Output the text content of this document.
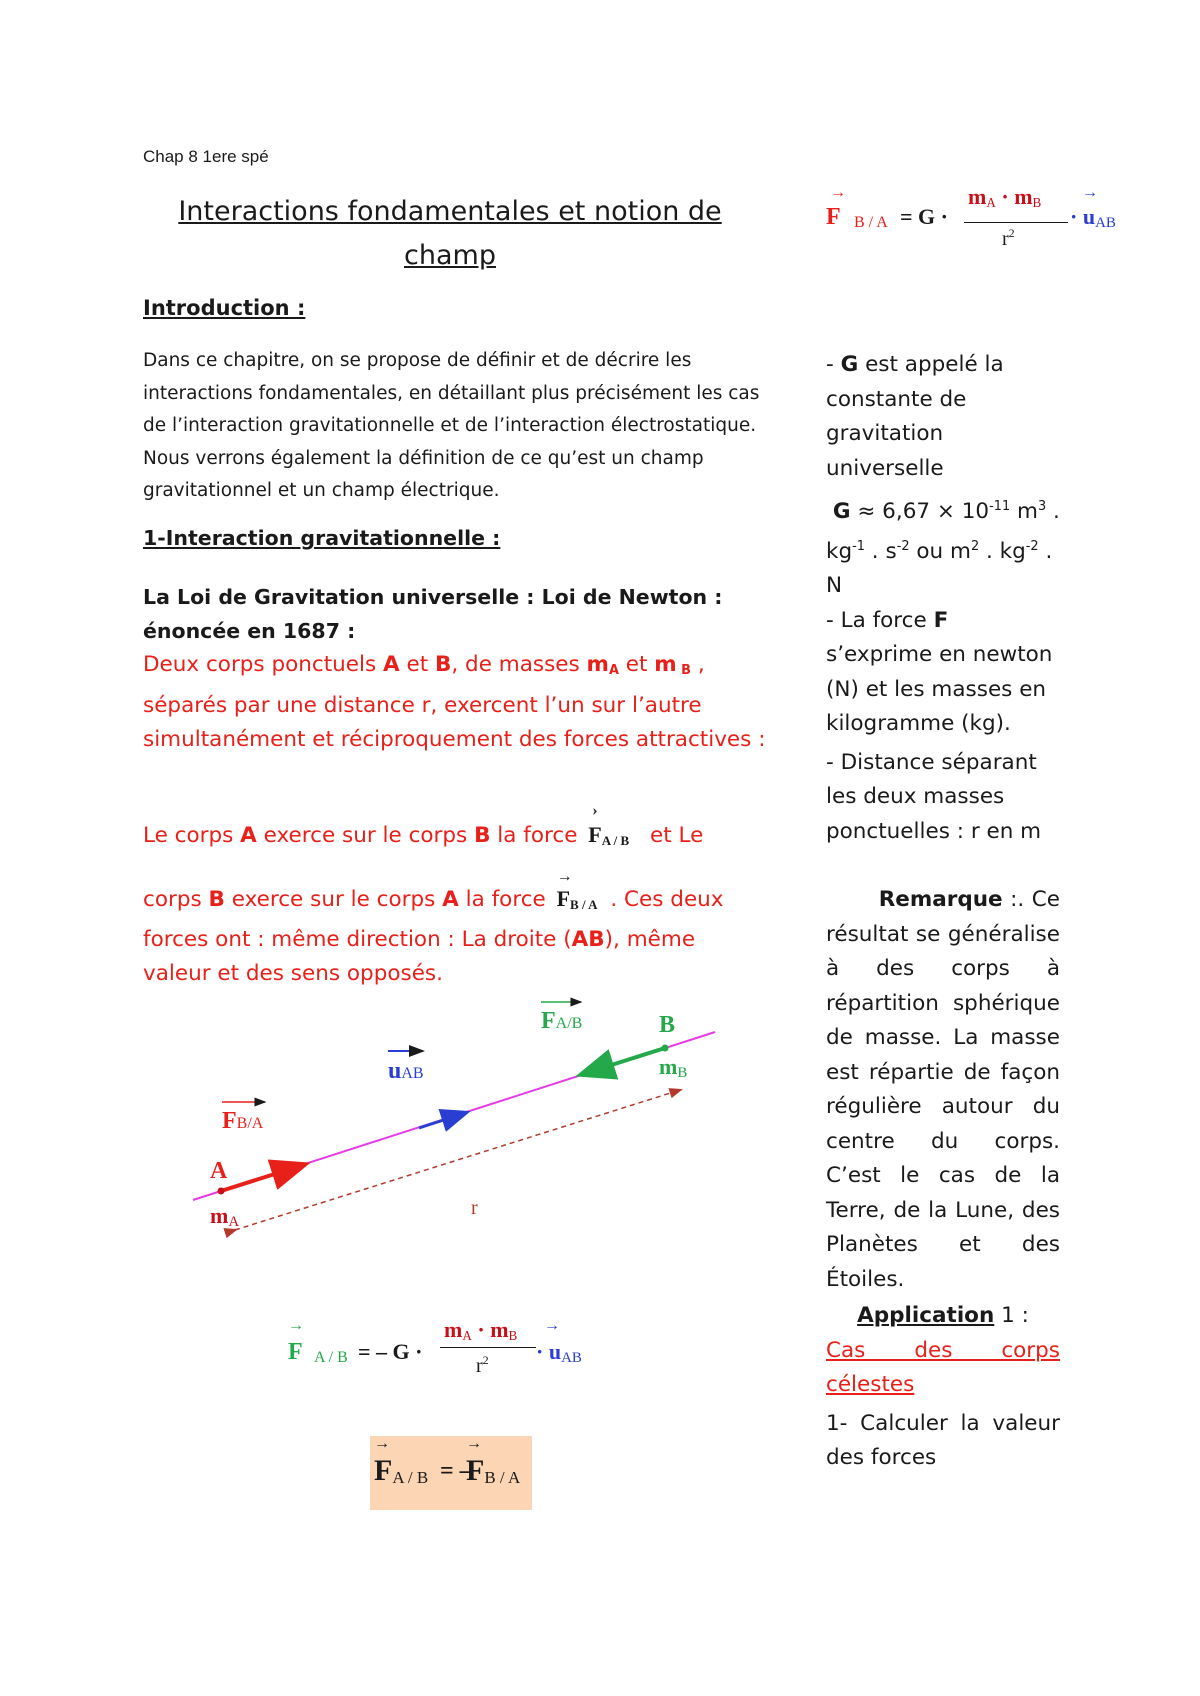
Chap 8 1ere spé
Interactions fondamentales et notion de champ
Introduction :
Dans ce chapitre, on se propose de définir et de décrire les interactions fondamentales, en détaillant plus précisément les cas de l’interaction gravitationnelle et de l’interaction électrostatique. Nous verrons également la définition de ce qu’est un champ gravitationnel et un champ électrique.
1-Interaction gravitationnelle :
La Loi de Gravitation universelle : Loi de Newton : énoncée en 1687 :
Deux corps ponctuels A et B, de masses $m_A$ et m $_B$ , séparés par une distance r, exercent l’un sur l’autre simultanément et réciproquement des forces attractives :
Le corps A exerce sur le corps B la force
›
$F_{A / B}$ et Le
corps B exerce sur le corps A la force
→
$F_{B / A}$ . Ces deux forces ont : même direction : La droite (AB), même valeur et des sens opposés.
FA/B	B
mB
uAB
FB/A
A
mA
r
→
F A / B = – G ·
$m_A \cdot m_B$
$r^2$
→
· $u_{AB}$
→
$F_{A / B}$ = –
→
$F_{B / A}$
→
F B / A = G ·
$m_A \cdot m_B$
$r^2$
→
· $u_{AB}$

- G est appelé la constante de gravitation universelle

$G \approx 6,67 \times 10^{-11}$ $m^3$ . $kg^{-1}$ . $s^{-2}$ ou $m^2$ . $kg^{-2}$ . N

- La force F s’exprime en newton (N) et les masses en kilogramme (kg).

- Distance séparant les deux masses ponctuelles : r en m

Remarque :. Ce résultat se généralise à des corps à répartition sphérique de masse. La masse est répartie de façon régulière autour du centre du corps. C’est le cas de la Terre, de la Lune, des Planètes et des Étoiles.

Application 1 :

Cas des corps célestes

1- Calculer la valeur des forces
